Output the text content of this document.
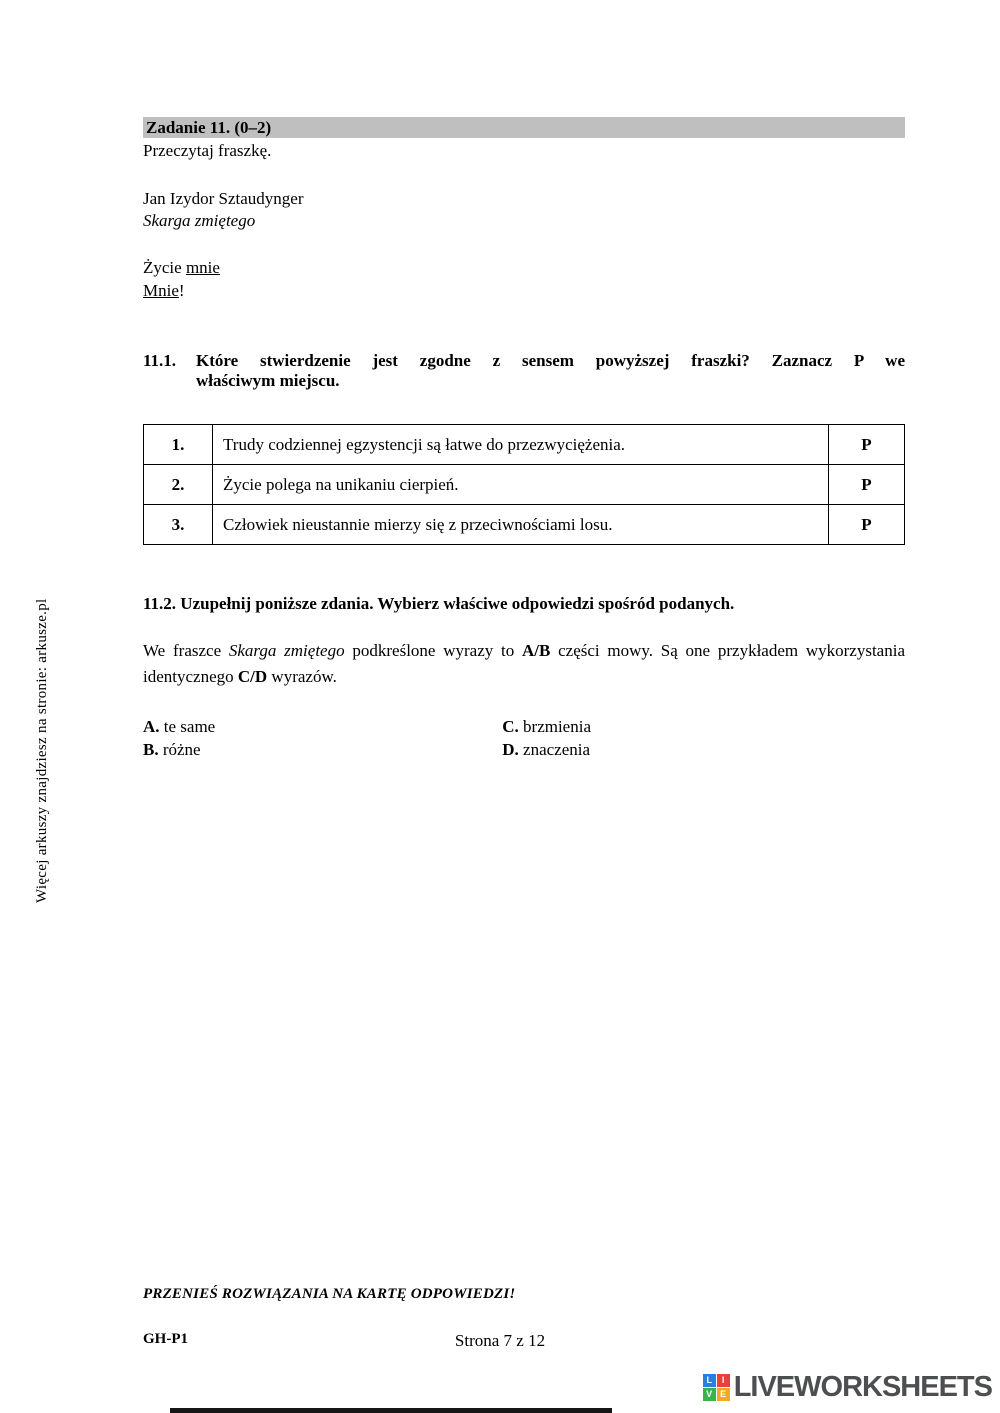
Więcej arkuszy znajdziesz na stronie: arkusze.pl
Zadanie 11. (0–2)
Przeczytaj fraszkę.
Jan Izydor Sztaudynger
Skarga zmiętego
Życie mnie
Mnie!
11.1.	Które stwierdzenie jest zgodne z sensem powyższej fraszki? Zaznacz P we
właściwym miejscu.
1.	Trudy codziennej egzystencji są łatwe do przezwyciężenia.	P
2.	Życie polega na unikaniu cierpień.	P
3.	Człowiek nieustannie mierzy się z przeciwnościami losu.	P
11.2. Uzupełnij poniższe zdania. Wybierz właściwe odpowiedzi spośród podanych.
We fraszce Skarga zmiętego podkreślone wyrazy to A/B części mowy. Są one przykładem wykorzystania identycznego C/D wyrazów.
A. te same	C. brzmienia
B. różne	D. znaczenia
PRZENIEŚ ROZWIĄZANIA NA KARTĘ ODPOWIEDZI!
GH-P1	Strona 7 z 12
L	I
V E LIVEWORKSHEETS
